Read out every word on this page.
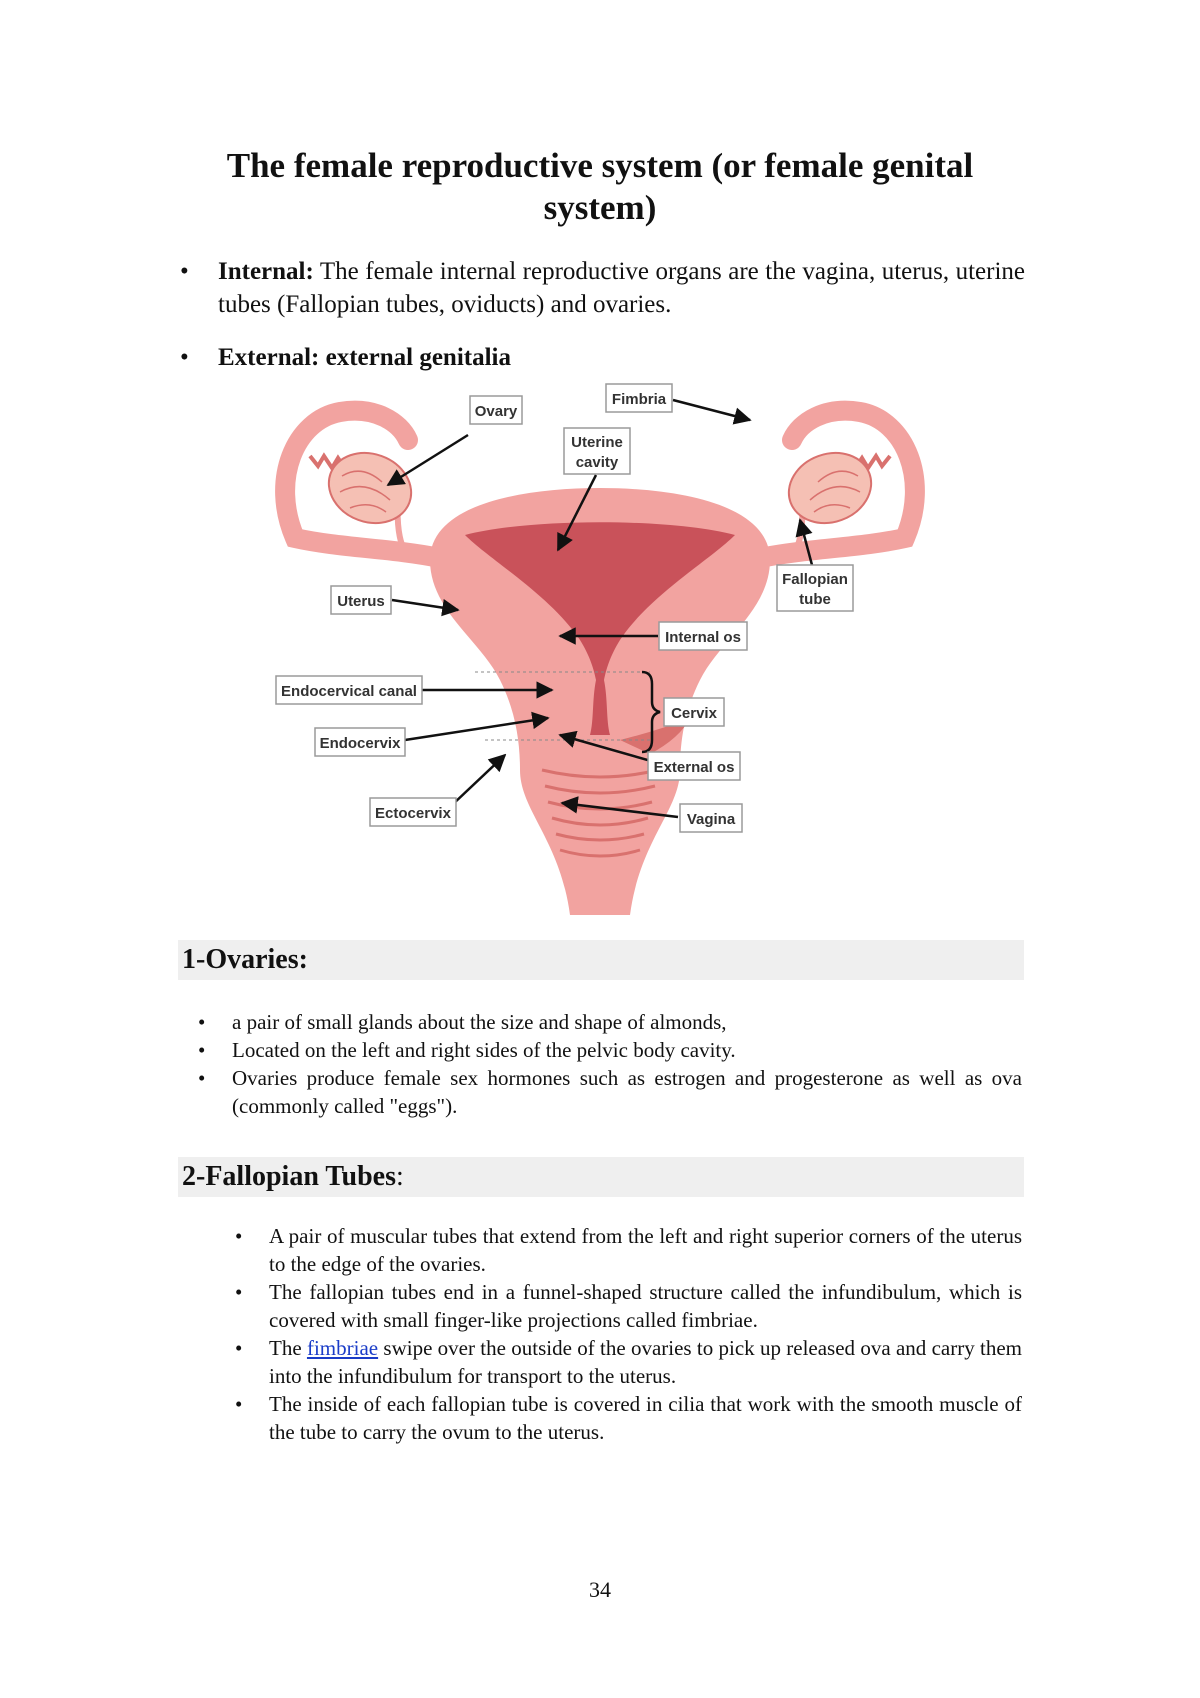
The female reproductive system (or female genital system)
• Internal: The female internal reproductive organs are the vagina, uterus, uterine tubes (Fallopian tubes, oviducts) and ovaries.
• External: external genitalia
Ovary
Fimbria
Uterine
cavity
Fallopian
tube
Uterus
Internal os
Endocervical canal
Cervix
Endocervix
External os
Ectocervix	Vagina
1-Ovaries:
• a pair of small glands about the size and shape of almonds,
• Located on the left and right sides of the pelvic body cavity.
• Ovaries produce female sex hormones such as estrogen and progesterone as well as ova (commonly called "eggs").
2-Fallopian Tubes:
• A pair of muscular tubes that extend from the left and right superior corners of the uterus to the edge of the ovaries.
• The fallopian tubes end in a funnel-shaped structure called the infundibulum, which is covered with small finger-like projections called fimbriae.
• The fimbriae swipe over the outside of the ovaries to pick up released ova and carry them into the infundibulum for transport to the uterus.
• The inside of each fallopian tube is covered in cilia that work with the smooth muscle of the tube to carry the ovum to the uterus.
34
